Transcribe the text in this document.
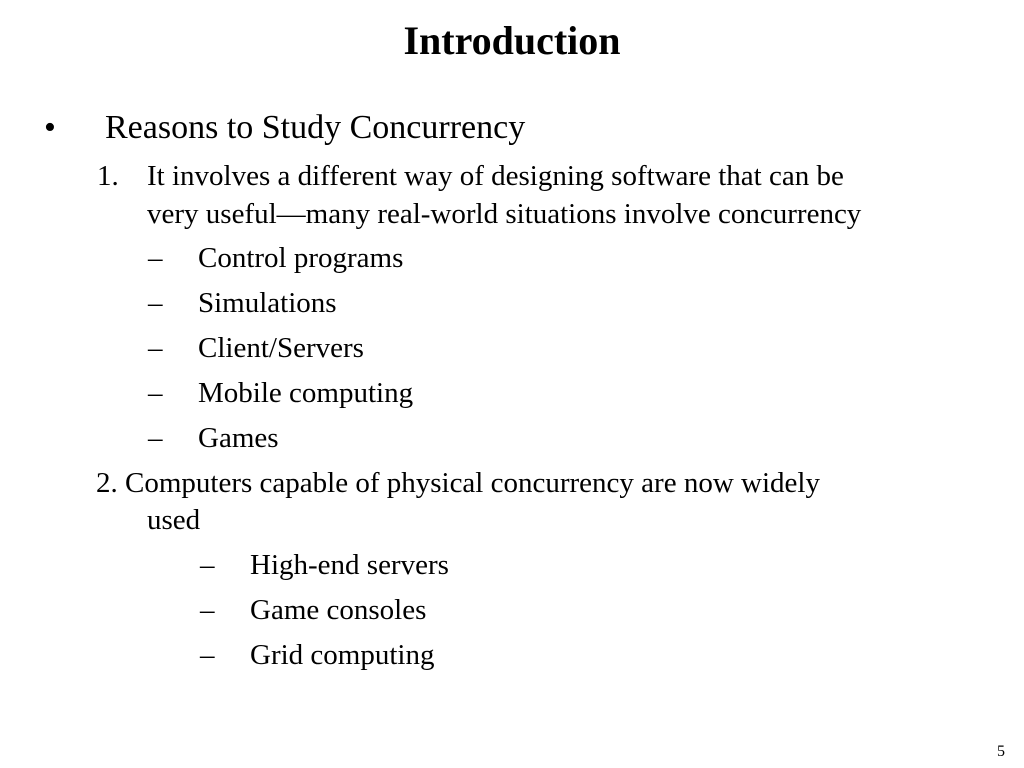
Introduction
• Reasons to Study Concurrency
1. It involves a different way of designing software that can be
very useful—many real-world situations involve concurrency
– Control programs
– Simulations
– Client/Servers
– Mobile computing
– Games
2. Computers capable of physical concurrency are now widely
used
– High-end servers
– Game consoles
– Grid computing
5
